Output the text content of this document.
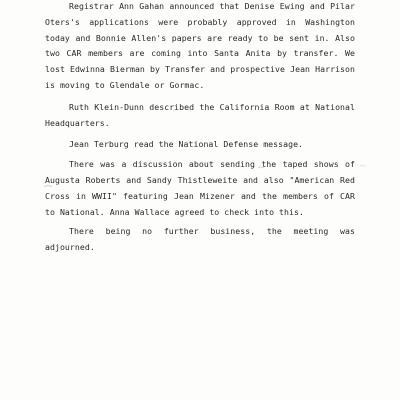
Registrar Ann Gahan announced that Denise Ewing and Pilar Oters's applications were probably approved in Washington today and Bonnie Allen's papers are ready to be sent in. Also two CAR members are coming into Santa Anita by transfer. We lost Edwinna Bierman by Transfer and prospective Jean Harrison is moving to Glendale or Gormac.

Ruth Klein-Dunn described the California Room at National Headquarters.

Jean Terburg read the National Defense message.

There was a discussion about sending the taped shows of Augusta Roberts and Sandy Thistleweite and also "American Red Cross in WWII" featuring Jean Mizener and the members of CAR to National. Anna Wallace agreed to check into this.

There being no further business, the meeting was adjourned.
